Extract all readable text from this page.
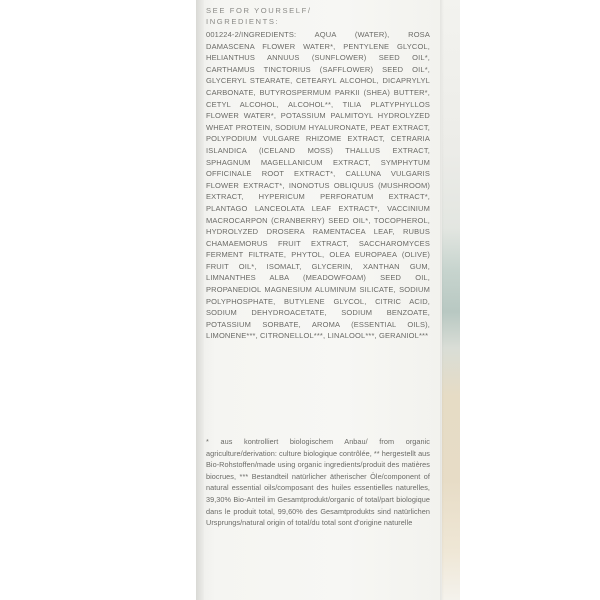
SEE FOR YOURSELF/
INGREDIENTS:
001224-2/INGREDIENTS: AQUA (WATER), ROSA DAMASCENA FLOWER WATER*, PENTYLENE GLYCOL, HELIANTHUS ANNUUS (SUNFLOWER) SEED OIL*, CARTHAMUS TINCTORIUS (SAFFLOWER) SEED OIL*, GLYCERYL STEARATE, CETEARYL ALCOHOL, DICAPRYLYL CARBONATE, BUTYROSPERMUM PARKII (SHEA) BUTTER*, CETYL ALCOHOL, ALCOHOL**, TILIA PLATYPHYLLOS FLOWER WATER*, POTASSIUM PALMITOYL HYDROLYZED WHEAT PROTEIN, SODIUM HYALURONATE, PEAT EXTRACT, POLYPODIUM VULGARE RHIZOME EXTRACT, CETRARIA ISLANDICA (ICELAND MOSS) THALLUS EXTRACT, SPHAGNUM MAGELLANICUM EXTRACT, SYMPHYTUM OFFICINALE ROOT EXTRACT*, CALLUNA VULGARIS FLOWER EXTRACT*, INONOTUS OBLIQUUS (MUSHROOM) EXTRACT, HYPERICUM PERFORATUM EXTRACT*, PLANTAGO LANCEOLATA LEAF EXTRACT*, VACCINIUM MACROCARPON (CRANBERRY) SEED OIL*, TOCOPHEROL, HYDROLYZED DROSERA RAMENTACEA LEAF, RUBUS CHAMAEMORUS FRUIT EXTRACT, SACCHAROMYCES FERMENT FILTRATE, PHYTOL, OLEA EUROPAEA (OLIVE) FRUIT OIL*, ISOMALT, GLYCERIN, XANTHAN GUM, LIMNANTHES ALBA (MEADOWFOAM) SEED OIL, PROPANEDIOL MAGNESIUM ALUMINUM SILICATE, SODIUM POLYPHOSPHATE, BUTYLENE GLYCOL, CITRIC ACID, SODIUM DEHYDROACETATE, SODIUM BENZOATE, POTASSIUM SORBATE, AROMA (ESSENTIAL OILS), LIMONENE***, CITRONELLOL***, LINALOOL***, GERANIOL***
* aus kontrolliert biologischem Anbau/ from organic agriculture/derivation: culture biologique contrôlée, ** hergestellt aus Bio-Rohstoffen/made using organic ingredients/produit des matières biocrues, *** Bestandteil natürlicher ätherischer Öle/component of natural essential oils/composant des huiles essentielles naturelles, 39,30% Bio-Anteil im Gesamtprodukt/organic of total/part biologique dans le produit total, 99,60% des Gesamtprodukts sind natürlichen Ursprungs/natural origin of total/du total sont d'origine naturelle
